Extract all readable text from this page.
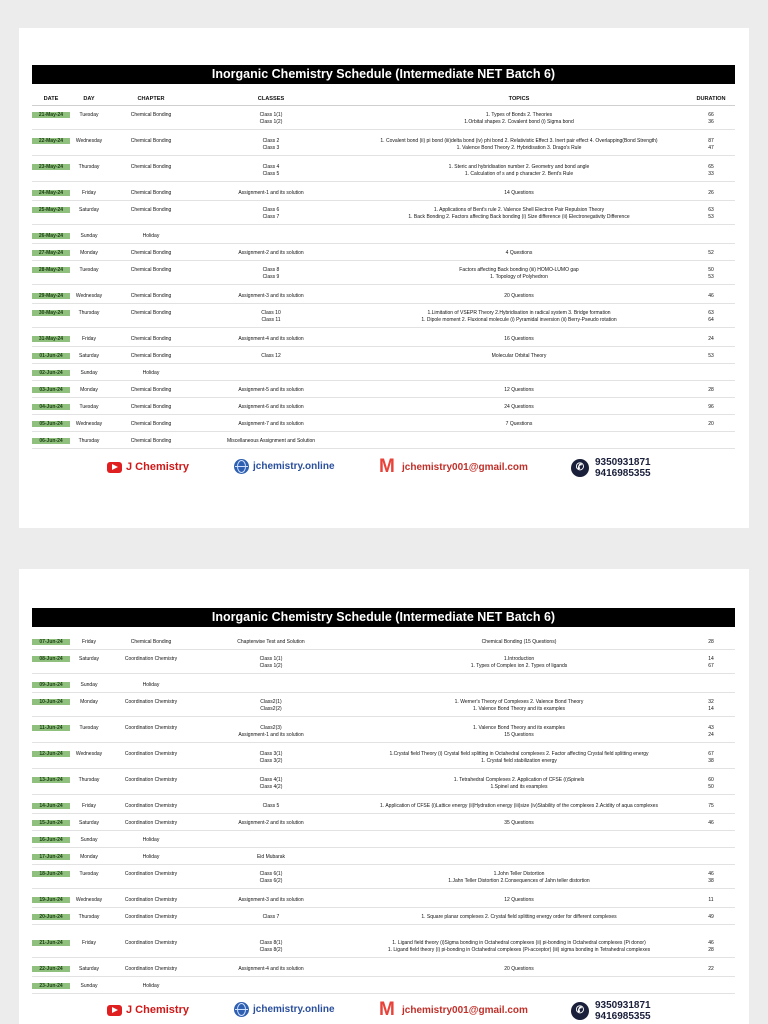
Inorganic Chemistry Schedule (Intermediate NET Batch 6)
DATE	DAY	CHAPTER	CLASSES	TOPICS	DURATION
21-May-24	Tuesday	Chemical Bonding	Class 1(1)	1. Types of Bonds 2. Theories	66
Class 1(2)	1.Orbital shapes 2. Covalent bond (i) Sigma bond	36
22-May-24	Wednesday	Chemical Bonding	Class 2	1. Covalent bond (ii) pi bond (iii)delta bond (iv) phi bond 2. Relativistic Effect 3. Inert pair effect 4. Overlapping(Bond Strength)	87
Class 3	1. Valence Bond Theory 2. Hybridisation 3. Drago's Rule	47
23-May-24	Thursday	Chemical Bonding	Class 4	1. Steric and hybridisation number 2. Geometry and bond angle	65
Class 5	1. Calculation of s and p character 2. Bent's Rule	33
24-May-24	Friday	Chemical Bonding	Assignment-1 and its solution	14 Questions	26
25-May-24	Saturday	Chemical Bonding	Class 6	1. Applications of Bent's rule 2. Valence Shell Electron Pair Repulsion Theory	63
Class 7	1. Back Bonding 2. Factors affecting Back bonding (i) Size difference (ii) Electronegativity Difference	53
26-May-24	Sunday	Holiday
27-May-24	Monday	Chemical Bonding	Assignment-2 and its solution	4 Questions	52
28-May-24	Tuesday	Chemical Bonding	Class 8	Factors affecting Back bonding (iii) HOMO-LUMO gap	50
Class 9	1. Topology of Polyhedron	53
29-May-24	Wednesday	Chemical Bonding	Assignment-3 and its solution	20 Questions	46
30-May-24	Thursday	Chemical Bonding	Class 10	1.Limitation of VSEPR Theory 2.Hybridisation in radical system 3. Bridge formation	63
Class 11	1. Dipole moment 2. Fluxional molecule (i) Pyramidal inversion (ii) Berry-Pseudo rotation	64
31-May-24	Friday	Chemical Bonding	Assignment-4 and its solution	16 Questions	24
01-Jun-24	Saturday	Chemical Bonding	Class 12	Molecular Orbital Theory	53
02-Jun-24	Sunday	Holiday
03-Jun-24	Monday	Chemical Bonding	Assignment-5 and its solution	12 Questions	28
04-Jun-24	Tuesday	Chemical Bonding	Assignment-6 and its solution	24 Questions	96
05-Jun-24	Wednesday	Chemical Bonding	Assignment-7 and its solution	7 Questions	20
06-Jun-24	Thursday	Chemical Bonding	Miscellaneous Assignment and Solution
J Chemistry	jchemistry.online M	jchemistry001@gmail.com	✆	9350931871
9416985355
Inorganic Chemistry Schedule (Intermediate NET Batch 6)
07-Jun-24	Friday	Chemical Bonding	Chapterwise Test and Solution	Chemical Bonding (15 Questions)	28
08-Jun-24	Saturday	Coordination Chemistry	Class 1(1)	1.Introduction	14
Class 1(2)	1. Types of Complex ion 2. Types of ligands	67
09-Jun-24	Sunday	Holiday
10-Jun-24	Monday	Coordination Chemistry	Class2(1)	1. Werner's Theory of Complexes 2. Valence Bond Theory	32
Class2(2)	1. Valence Bond Theory and its examples	14
11-Jun-24	Tuesday	Coordination Chemistry	Class2(3)	1. Valence Bond Theory and its examples	43
Assignment-1 and its solution	15 Questions	24
12-Jun-24	Wednesday	Coordination Chemistry	Class 3(1)	1.Crystal field Theory (i) Crystal field splitting in Octahedral complexes 2. Factor affecting Crystal field splitting energy	67
Class 3(2)	1. Crystal field stabilization energy	38
13-Jun-24	Thursday	Coordination Chemistry	Class 4(1)	1. Tetrahedral Complexes 2. Application of CFSE (i)Spinels	60
Class 4(2)	1.Spinel and its examples	50
14-Jun-24	Friday	Coordination Chemistry	Class 5	1. Application of CFSE (i)Lattice energy (ii)Hydration energy (iii)size (iv)Stability of the complexes 2.Acidity of aqua complexes	75
15-Jun-24	Saturday	Coordination Chemistry	Assignment-2 and its solution	35 Questions	46
16-Jun-24	Sunday	Holiday
17-Jun-24	Monday	Holiday	Eid Mubarak
18-Jun-24	Tuesday	Coordination Chemistry	Class 6(1)	1.John Teller Distortion	46
Class 6(2)	1.Jahn Teller Distortion 2.Consequences of Jahn teller distortion	38
19-Jun-24	Wednesday	Coordination Chemistry	Assignment-3 and its solution	12 Questions	11
20-Jun-24	Thursday	Coordination Chemistry	Class 7	1. Square planar complexes 2. Crystal field splitting energy order for different complexes	49
21-Jun-24	Friday	Coordination Chemistry	Class 8(1)	1. Ligand field theory (i)Sigma bonding in Octahedral complexes (ii) pi-bonding in Octahedral complexes (Pi donor)	46
Class 8(2)	1. Ligand field theory (i) pi-bonding in Octahedral complexes (Pi-acceptor) (iii) sigma bonding in Tetrahedral complexes	28
22-Jun-24	Saturday	Coordination Chemistry	Assignment-4 and its solution	20 Questions	22
23-Jun-24	Sunday	Holiday
J Chemistry	jchemistry.online M	jchemistry001@gmail.com	✆	9350931871
9416985355
